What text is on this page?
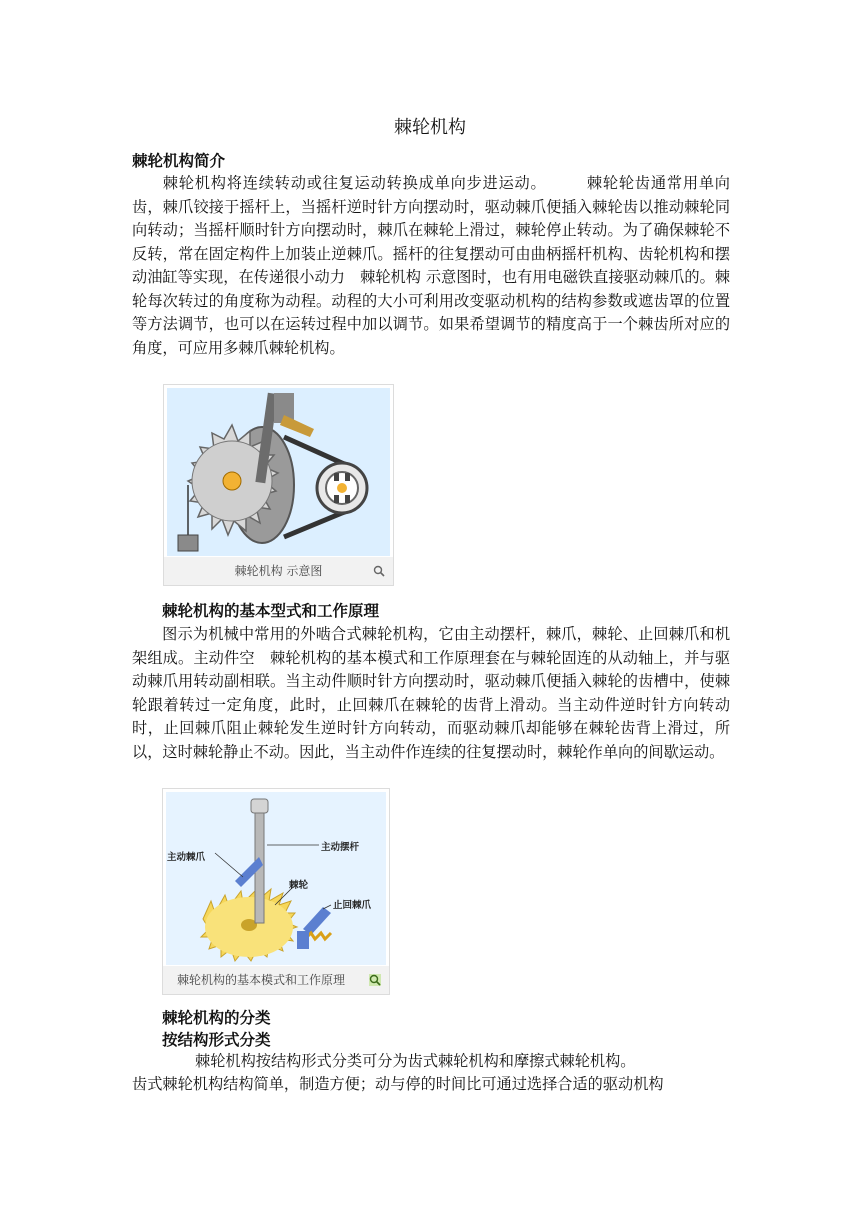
棘轮机构
棘轮机构简介

棘轮机构将连续转动或往复运动转换成单向步进运动。　　　棘轮轮齿通常用单向齿，棘爪铰接于摇杆上，当摇杆逆时针方向摆动时，驱动棘爪便插入棘轮齿以推动棘轮同向转动；当摇杆顺时针方向摆动时，棘爪在棘轮上滑过，棘轮停止转动。为了确保棘轮不反转，常在固定构件上加装止逆棘爪。摇杆的往复摆动可由曲柄摇杆机构、齿轮机构和摆动油缸等实现，在传递很小动力　棘轮机构 示意图时，也有用电磁铁直接驱动棘爪的。棘轮每次转过的角度称为动程。动程的大小可利用改变驱动机构的结构参数或遮齿罩的位置等方法调节，也可以在运转过程中加以调节。如果希望调节的精度高于一个棘齿所对应的角度，可应用多棘爪棘轮机构。

棘轮机构 示意图
棘轮机构的基本型式和工作原理

图示为机械中常用的外啮合式棘轮机构，它由主动摆杆，棘爪，棘轮、止回棘爪和机架组成。主动件空　棘轮机构的基本模式和工作原理套在与棘轮固连的从动轴上，并与驱动棘爪用转动副相联。当主动件顺时针方向摆动时，驱动棘爪便插入棘轮的齿槽中，使棘轮跟着转过一定角度，此时，止回棘爪在棘轮的齿背上滑动。当主动件逆时针方向转动时，止回棘爪阻止棘轮发生逆时针方向转动，而驱动棘爪却能够在棘轮齿背上滑过，所以，这时棘轮静止不动。因此，当主动件作连续的往复摆动时，棘轮作单向的间歇运动。

主动棘爪
主动摆杆
棘轮
止回棘爪
棘轮机构的基本模式和工作原理
棘轮机构的分类
按结构形式分类
棘轮机构按结构形式分类可分为齿式棘轮机构和摩擦式棘轮机构。
齿式棘轮机构结构简单，制造方便；动与停的时间比可通过选择合适的驱动机构
